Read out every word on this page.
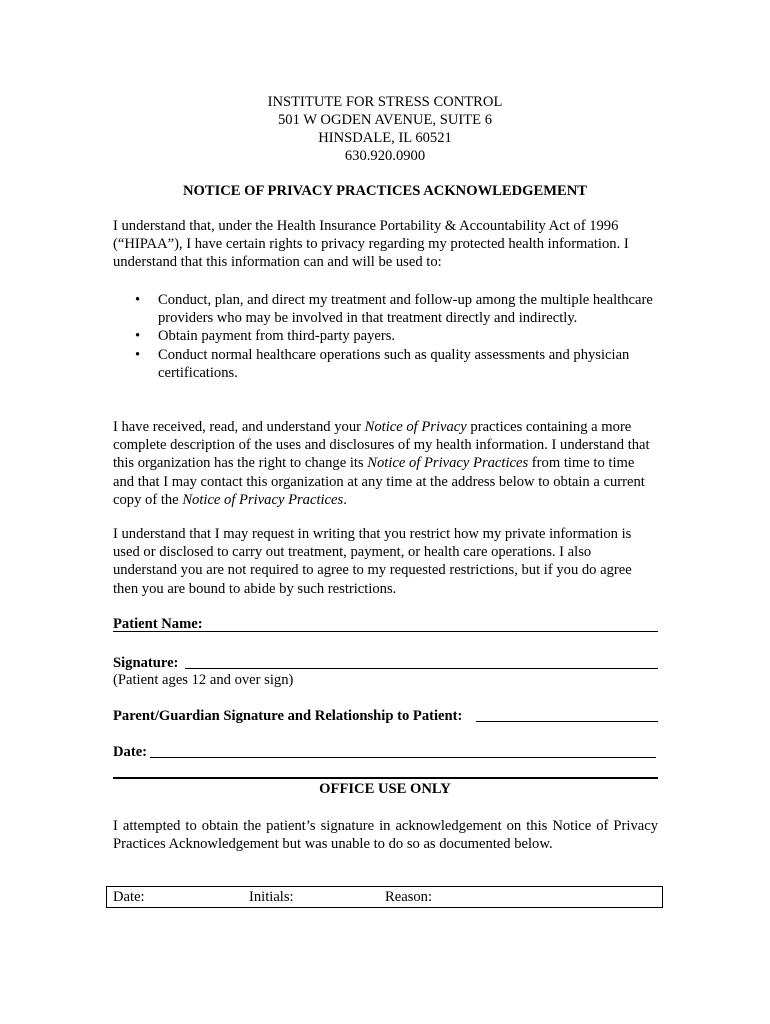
INSTITUTE FOR STRESS CONTROL
501 W OGDEN AVENUE, SUITE 6
HINSDALE, IL 60521
630.920.0900
NOTICE OF PRIVACY PRACTICES ACKNOWLEDGEMENT

I understand that, under the Health Insurance Portability & Accountability Act of 1996 (“HIPAA”), I have certain rights to privacy regarding my protected health information. I understand that this information can and will be used to:

• Conduct, plan, and direct my treatment and follow-up among the multiple healthcare providers who may be involved in that treatment directly and indirectly.
• Obtain payment from third-party payers.
• Conduct normal healthcare operations such as quality assessments and physician certifications.

I have received, read, and understand your Notice of Privacy practices containing a more complete description of the uses and disclosures of my health information. I understand that this organization has the right to change its Notice of Privacy Practices from time to time and that I may contact this organization at any time at the address below to obtain a current copy of the Notice of Privacy Practices.

I understand that I may request in writing that you restrict how my private information is used or disclosed to carry out treatment, payment, or health care operations. I also understand you are not required to agree to my requested restrictions, but if you do agree then you are bound to abide by such restrictions.

Patient Name:
Signature:
(Patient ages 12 and over sign)
Parent/Guardian Signature and Relationship to Patient:
Date:
OFFICE USE ONLY

I attempted to obtain the patient’s signature in acknowledgement on this Notice of Privacy Practices Acknowledgement but was unable to do so as documented below.

Date:	Initials:	Reason:
